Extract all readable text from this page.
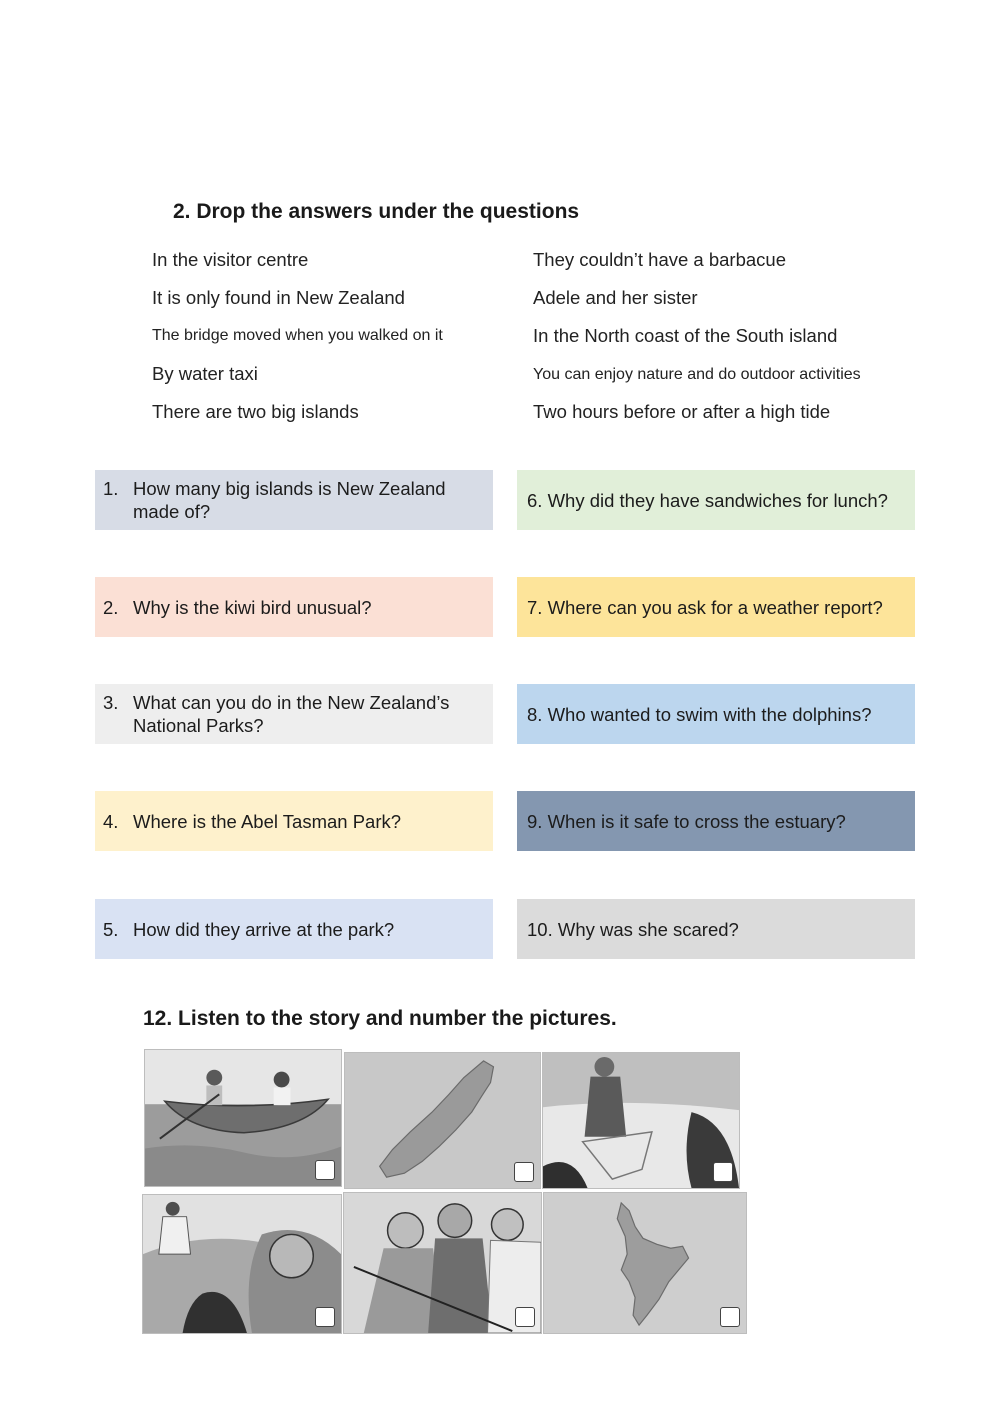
2. Drop the answers under the questions
In the visitor centre
It is only found in New Zealand
The bridge moved when you walked on it
By water taxi
There are two big islands
They couldn’t have a barbacue
Adele and her sister
In the North coast of the South island
You can enjoy nature and do outdoor activities
Two hours before or after a high tide
1. How many big islands is New Zealand made of?
6. Why did they have sandwiches for lunch?
2. Why is the kiwi bird unusual?	7. Where can you ask for a weather report?
3. What can you do in the New Zealand’s National Parks?
8. Who wanted to swim with the dolphins?
4. Where is the Abel Tasman Park?	9. When is it safe to cross the estuary?
5. How did they arrive at the park?	10. Why was she scared?
12. Listen to the story and number the pictures.
